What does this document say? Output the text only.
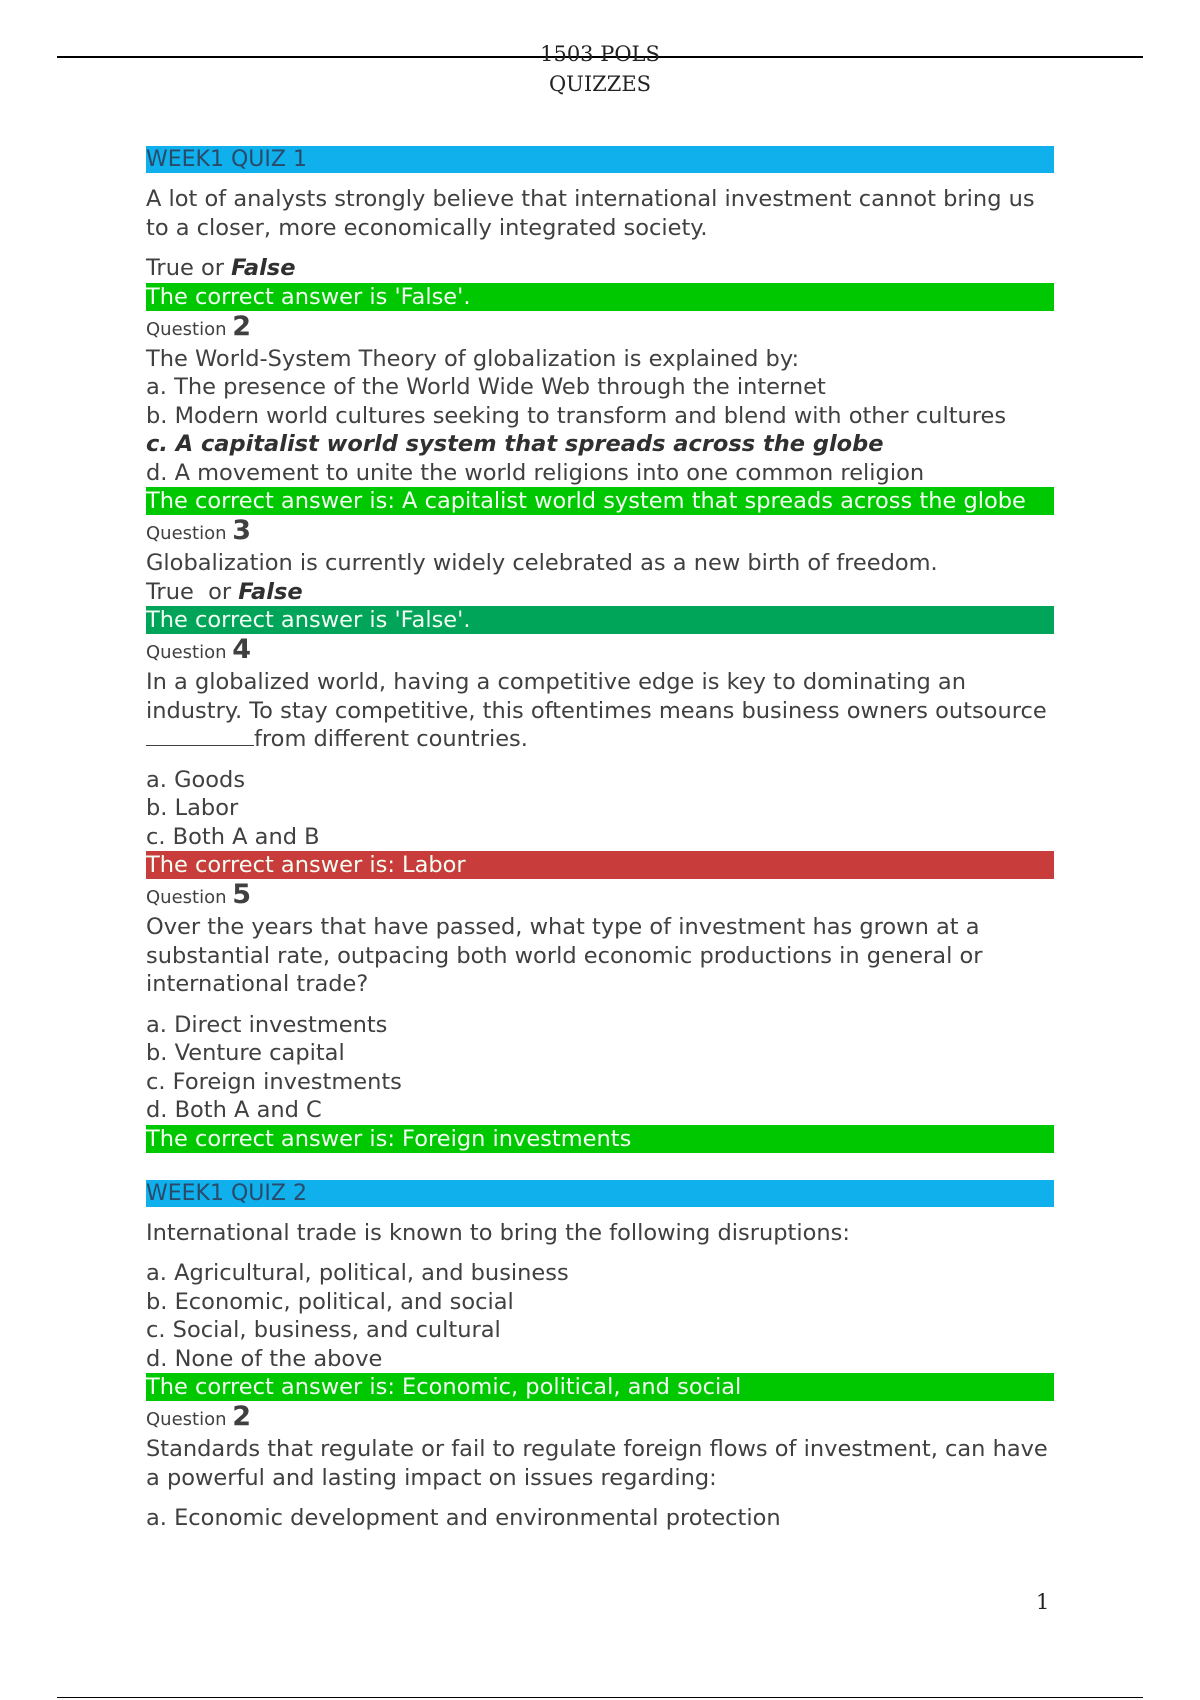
1503 POLS
QUIZZES
WEEK1 QUIZ 1
A lot of analysts strongly believe that international investment cannot bring us to a closer, more economically integrated society.
True or False
The correct answer is 'False'.
Question 2
The World-System Theory of globalization is explained by:
a. The presence of the World Wide Web through the internet
b. Modern world cultures seeking to transform and blend with other cultures
c. A capitalist world system that spreads across the globe
d. A movement to unite the world religions into one common religion
The correct answer is: A capitalist world system that spreads across the globe
Question 3
Globalization is currently widely celebrated as a new birth of freedom.
True  or False
The correct answer is 'False'.
Question 4
In a globalized world, having a competitive edge is key to dominating an industry. To stay competitive, this oftentimes means business owners outsource from different countries.
a. Goods
b. Labor
c. Both A and B
The correct answer is: Labor
Question 5
Over the years that have passed, what type of investment has grown at a substantial rate, outpacing both world economic productions in general or international trade?
a. Direct investments
b. Venture capital
c. Foreign investments
d. Both A and C
The correct answer is: Foreign investments
WEEK1 QUIZ 2
International trade is known to bring the following disruptions:
a. Agricultural, political, and business
b. Economic, political, and social
c. Social, business, and cultural
d. None of the above
The correct answer is: Economic, political, and social
Question 2
Standards that regulate or fail to regulate foreign flows of investment, can have a powerful and lasting impact on issues regarding:
a. Economic development and environmental protection
1
